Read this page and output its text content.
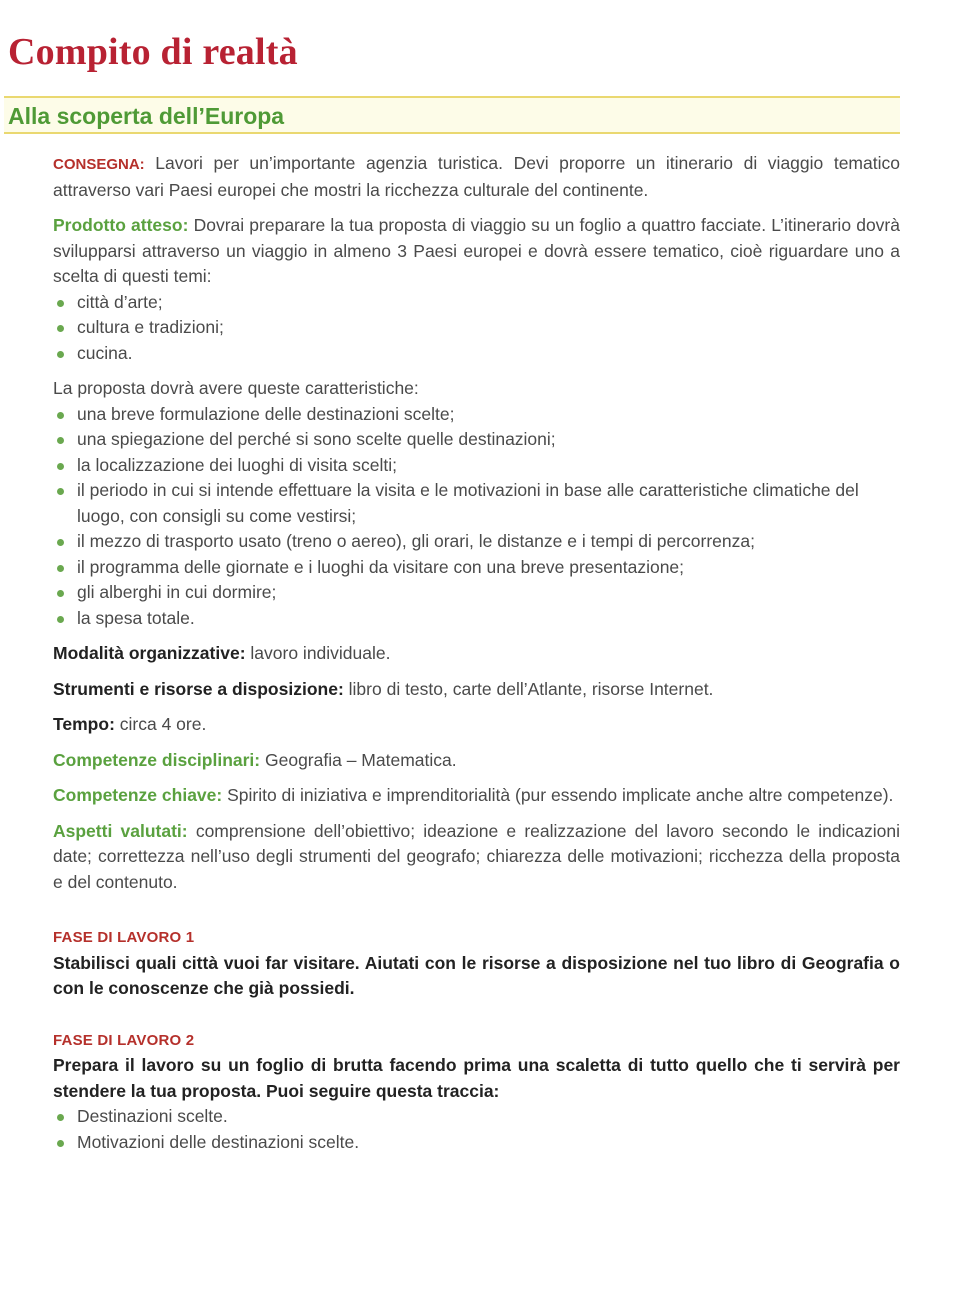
Compito di realtà
Alla scoperta dell’Europa

CONSEGNA: Lavori per un’importante agenzia turistica. Devi proporre un itinerario di viaggio tematico attraverso vari Paesi europei che mostri la ricchezza culturale del continente.

Prodotto atteso: Dovrai preparare la tua proposta di viaggio su un foglio a quattro facciate. L’itinerario dovrà svilupparsi attraverso un viaggio in almeno 3 Paesi europei e dovrà essere tematico, cioè riguardare uno a scelta di questi temi:

città d’arte;
cultura e tradizioni;
cucina.

La proposta dovrà avere queste caratteristiche:

una breve formulazione delle destinazioni scelte;
una spiegazione del perché si sono scelte quelle destinazioni;
la localizzazione dei luoghi di visita scelti;
il periodo in cui si intende effettuare la visita e le motivazioni in base alle caratteristiche climatiche del luogo, con consigli su come vestirsi;
il mezzo di trasporto usato (treno o aereo), gli orari, le distanze e i tempi di percorrenza;
il programma delle giornate e i luoghi da visitare con una breve presentazione;
gli alberghi in cui dormire;
la spesa totale.

Modalità organizzative: lavoro individuale.

Strumenti e risorse a disposizione: libro di testo, carte dell’Atlante, risorse Internet.

Tempo: circa 4 ore.

Competenze disciplinari: Geografia – Matematica.

Competenze chiave: Spirito di iniziativa e imprenditorialità (pur essendo implicate anche altre competenze).

Aspetti valutati: comprensione dell’obiettivo; ideazione e realizzazione del lavoro secondo le indicazioni date; correttezza nell’uso degli strumenti del geografo; chiarezza delle motivazioni; ricchezza della proposta e del contenuto.

FASE DI LAVORO 1

Stabilisci quali città vuoi far visitare. Aiutati con le risorse a disposizione nel tuo libro di Geografia o con le conoscenze che già possiedi.

FASE DI LAVORO 2

Prepara il lavoro su un foglio di brutta facendo prima una scaletta di tutto quello che ti servirà per stendere la tua proposta. Puoi seguire questa traccia:

Destinazioni scelte.
Motivazioni delle destinazioni scelte.
